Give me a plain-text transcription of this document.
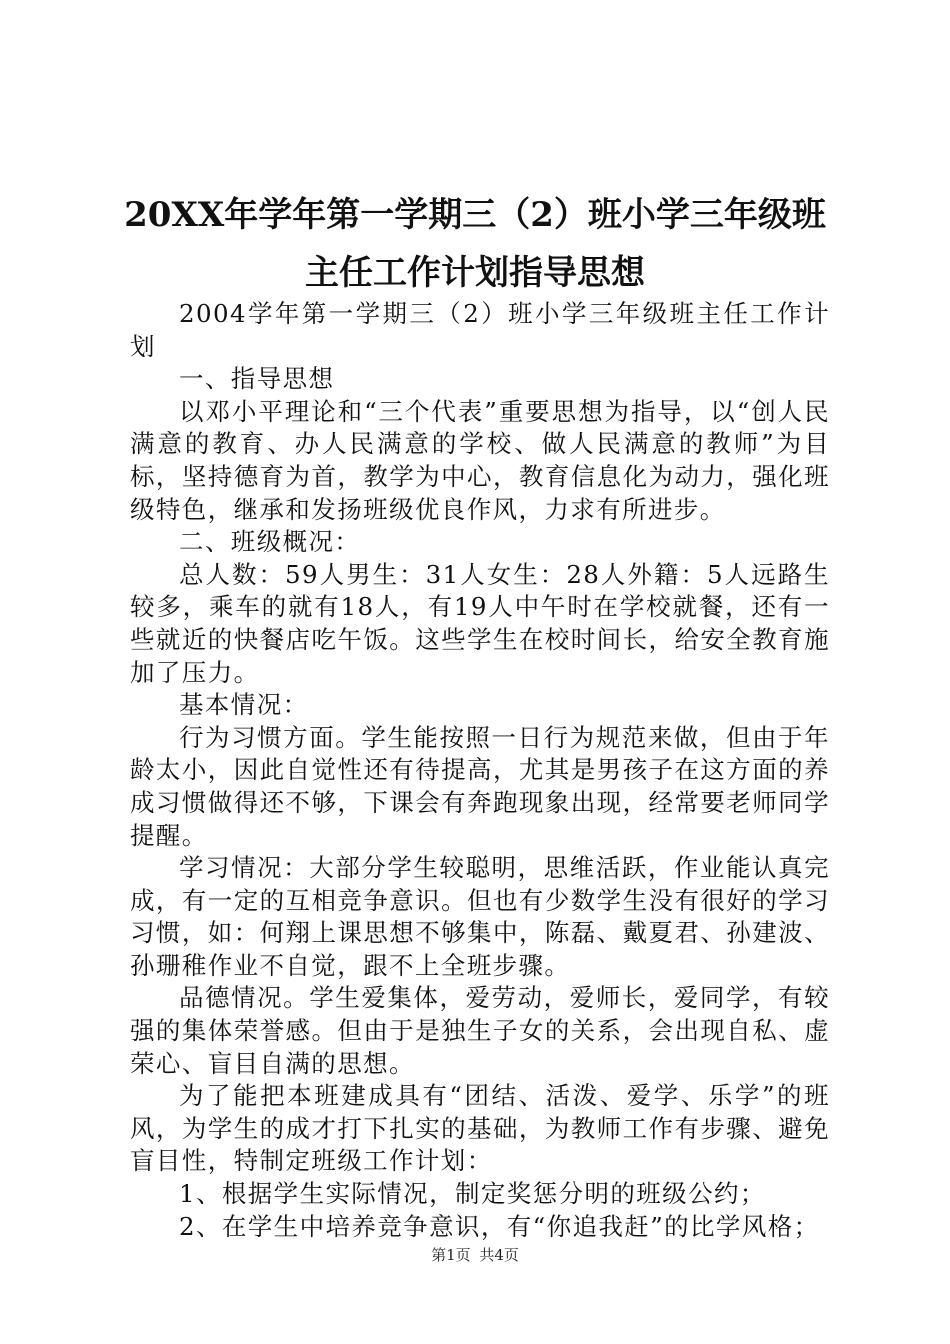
20XX年学年第一学期三（2）班小学三年级班
主任工作计划指导思想

2004学年第一学期三（2）班小学三年级班主任工作计划

一、指导思想

以邓小平理论和“三个代表”重要思想为指导，以“创人民满意的教育、办人民满意的学校、做人民满意的教师”为目标，坚持德育为首，教学为中心，教育信息化为动力，强化班级特色，继承和发扬班级优良作风，力求有所进步。

二、班级概况：

总人数：59人男生：31人女生：28人外籍：5人远路生较多，乘车的就有18人，有19人中午时在学校就餐，还有一些就近的快餐店吃午饭。这些学生在校时间长，给安全教育施加了压力。

基本情况：

行为习惯方面。学生能按照一日行为规范来做，但由于年龄太小，因此自觉性还有待提高，尤其是男孩子在这方面的养成习惯做得还不够，下课会有奔跑现象出现，经常要老师同学提醒。

学习情况：大部分学生较聪明，思维活跃，作业能认真完成，有一定的互相竞争意识。但也有少数学生没有很好的学习习惯，如：何翔上课思想不够集中，陈磊、戴夏君、孙建波、孙珊稚作业不自觉，跟不上全班步骤。

品德情况。学生爱集体，爱劳动，爱师长，爱同学，有较强的集体荣誉感。但由于是独生子女的关系，会出现自私、虚荣心、盲目自满的思想。

为了能把本班建成具有“团结、活泼、爱学、乐学”的班风，为学生的成才打下扎实的基础，为教师工作有步骤、避免盲目性，特制定班级工作计划：

1、根据学生实际情况，制定奖惩分明的班级公约；

2、在学生中培养竞争意识，有“你追我赶”的比学风格；

第1页 共4页
